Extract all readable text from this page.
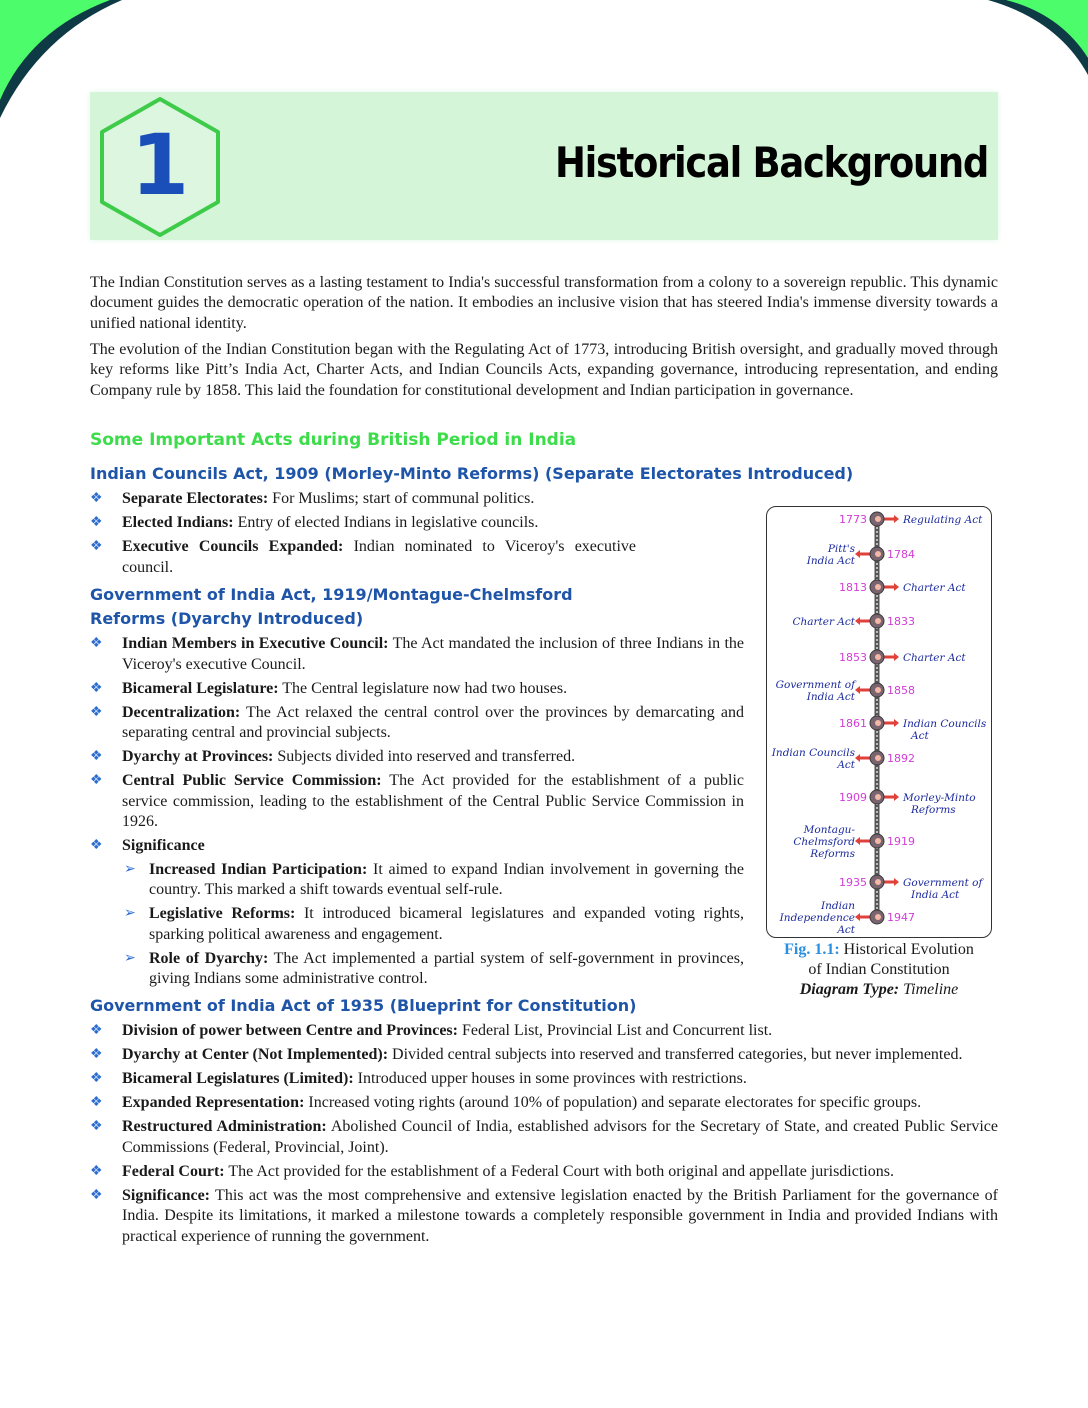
1	Historical Background

The Indian Constitution serves as a lasting testament to India's successful transformation from a colony to a sovereign republic. This dynamic document guides the democratic operation of the nation. It embodies an inclusive vision that has steered India's immense diversity towards a unified national identity.

The evolution of the Indian Constitution began with the Regulating Act of 1773, introducing British oversight, and gradually moved through key reforms like Pitt’s India Act, Charter Acts, and Indian Councils Acts, expanding governance, introducing representation, and ending Company rule by 1858. This laid the foundation for constitutional development and Indian participation in governance.

Some Important Acts during British Period in India
Indian Councils Act, 1909 (Morley-Minto Reforms) (Separate Electorates Introduced)
❖ Separate Electorates: For Muslims; start of communal politics.
❖ Elected Indians: Entry of elected Indians in legislative councils.
❖ Executive Councils Expanded: Indian nominated to Viceroy's executive council.
Government of India Act, 1919/Montague-Chelmsford
Reforms (Dyarchy Introduced)
❖ Indian Members in Executive Council: The Act mandated the inclusion of three Indians in the Viceroy's executive Council.
❖ Bicameral Legislature: The Central legislature now had two houses.
❖ Decentralization: The Act relaxed the central control over the provinces by demarcating and separating central and provincial subjects.
❖ Dyarchy at Provinces: Subjects divided into reserved and transferred.
❖ Central Public Service Commission: The Act provided for the establishment of a public service commission, leading to the establishment of the Central Public Service Commission in 1926.
❖ Significance
➢ Increased Indian Participation: It aimed to expand Indian involvement in governing the country. This marked a shift towards eventual self-rule.
➢ Legislative Reforms: It introduced bicameral legislatures and expanded voting rights, sparking political awareness and engagement.
➢ Role of Dyarchy: The Act implemented a partial system of self-government in provinces, giving Indians some administrative control.
Government of India Act of 1935 (Blueprint for Constitution)
❖ Division of power between Centre and Provinces: Federal List, Provincial List and Concurrent list.
❖ Dyarchy at Center (Not Implemented): Divided central subjects into reserved and transferred categories, but never implemented.
❖ Bicameral Legislatures (Limited): Introduced upper houses in some provinces with restrictions.
❖ Expanded Representation: Increased voting rights (around 10% of population) and separate electorates for specific groups.
❖ Restructured Administration: Abolished Council of India, established advisors for the Secretary of State, and created Public Service Commissions (Federal, Provincial, Joint).
❖ Federal Court: The Act provided for the establishment of a Federal Court with both original and appellate jurisdictions.
❖ Significance: This act was the most comprehensive and extensive legislation enacted by the British Parliament for the governance of India. Despite its limitations, it marked a milestone towards a completely responsible government in India and provided Indians with practical experience of running the government.
1773	Regulating Act
1784
Pitt's
India Act
1813	Charter Act
1833
Charter Act
1853	Charter Act
1858
Government of
India Act
1861	Indian Councils
Act
1892
Indian Councils
Act
1909	Morley-Minto
Reforms
1919
Montagu-
Chelmsford
Reforms
1935	Government of
India Act
1947
Indian
Independence
Act
Fig. 1.1: Historical Evolution
of Indian Constitution
Diagram Type: Timeline
